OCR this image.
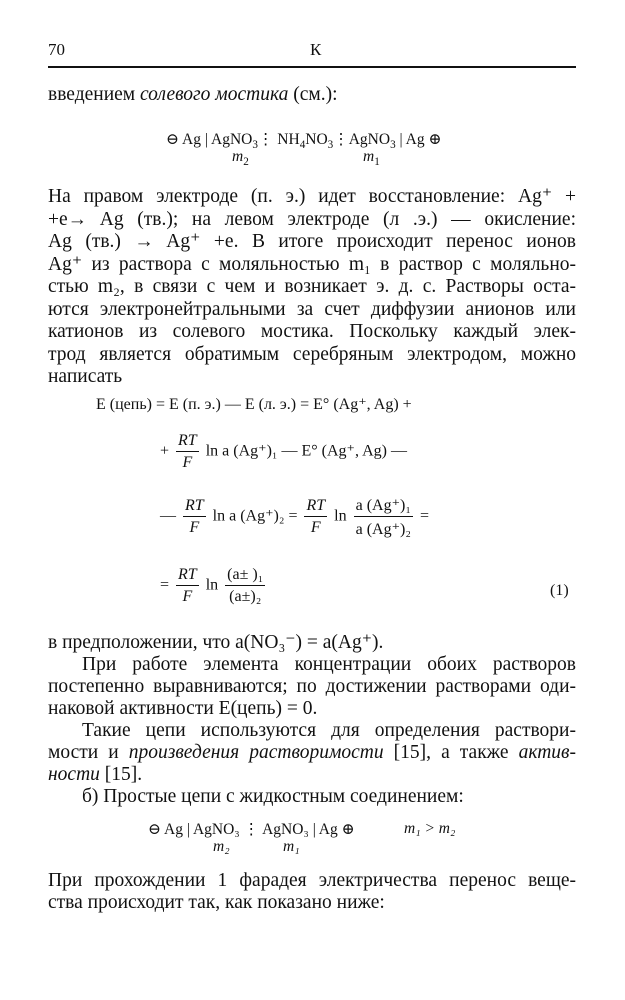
70	К
введением солевого мостика (см.):
⊖ Ag | AgNO$_3$⋮ $NH_4NO_3⋮AgNO_3$ | Ag ⊕
$m_2$	$m_1$

На правом электроде (п. э.) идет восстановление: Ag⁺ +

+e→ Ag (тв.); на левом электроде (л .э.) — окисление:

Ag (тв.) → Ag⁺ +e. В итоге происходит перенос ионов

Ag⁺ из раствора с моляльностью m₁ в раствор с моляльно-

стью m₂, в связи с чем и возникает э. д. с. Растворы оста-

ются электронейтральными за счет диффузии анионов или

катионов из солевого мостика. Поскольку каждый элек-

трод является обратимым серебряным электродом, можно

написать

E (цепь) = E (п. э.) — E (л. э.) = E° (Ag⁺, Ag) +
+ $\frac{RT}{F}$ ln a (Ag⁺)₁ — E° (Ag⁺, Ag) —
— $\frac{RT}{F}$ ln a $(Ag^+)_2 = \frac{RT}{F}$ $\ln \frac{\text{a (Ag⁺)₁}}{\text{a (Ag⁺)₂}}$ =
= $\frac{RT}{F}$ $\ln \frac{\text{(a± )₁}}{\text{(a±)₂}}$	(1)

в предположении, что a(NO₃⁻) = a(Ag⁺).

При работе элемента концентрации обоих растворов

постепенно выравниваются; по достижении растворами оди-

наковой активности E(цепь) = 0.

Такие цепи используются для определения раствори-

мости и произведения растворимости [15], а также актив-

ности [15].

б) Простые цепи с жидкостным соединением:

⊖ Ag | AgNO₃ ⋮ AgNO₃ | Ag ⊕	m₁ > m₂
m₂	m₁

При прохождении 1 фарадея электричества перенос веще-

ства происходит так, как показано ниже:
